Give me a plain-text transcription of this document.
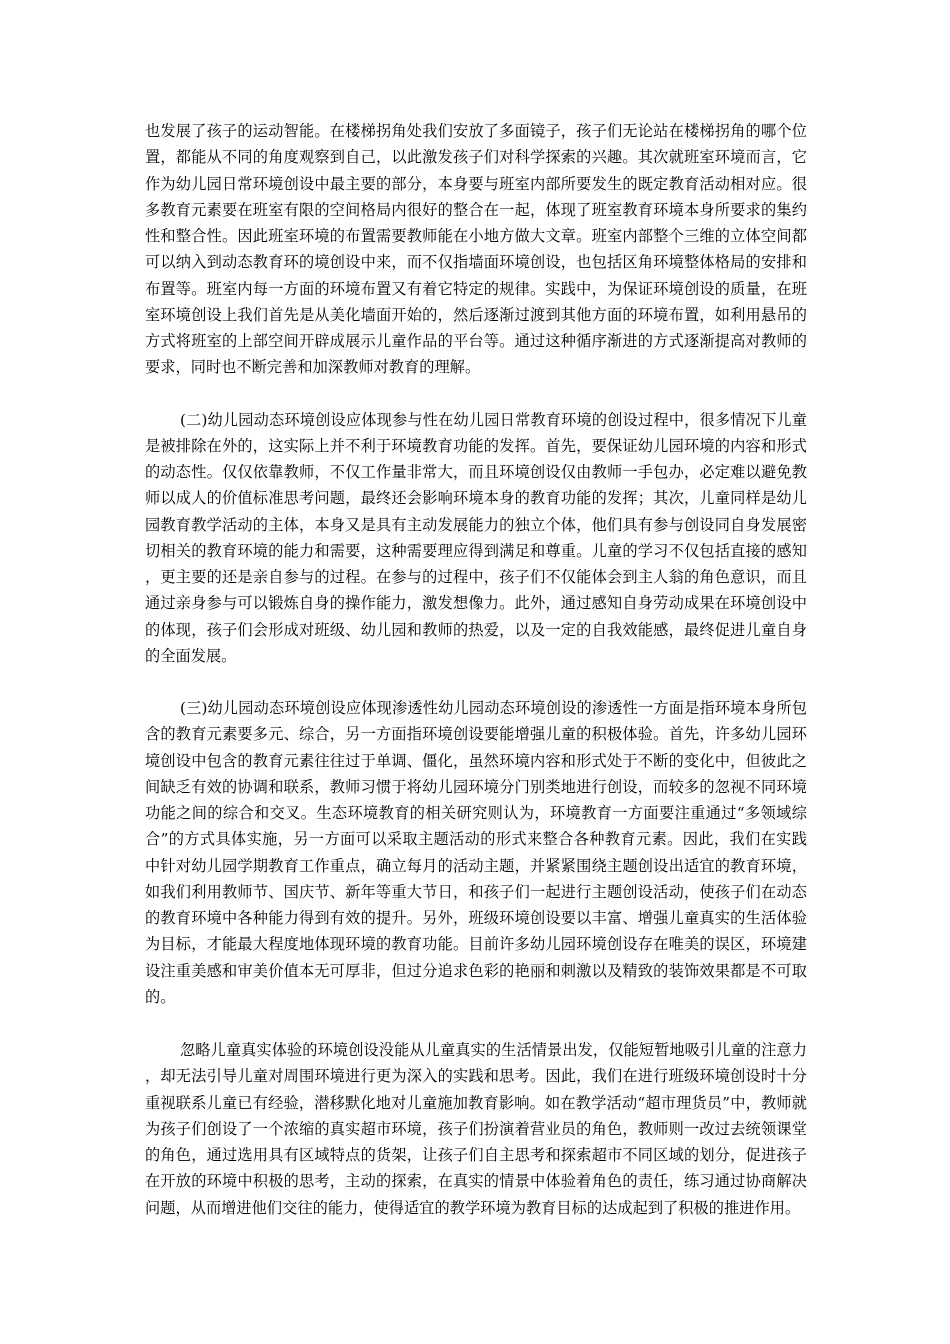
也发展了孩子的运动智能。在楼梯拐角处我们安放了多面镜子，孩子们无论站在楼梯拐角的哪个位置，都能从不同的角度观察到自己，以此激发孩子们对科学探索的兴趣。其次就班室环境而言，它作为幼儿园日常环境创设中最主要的部分，本身要与班室内部所要发生的既定教育活动相对应。很多教育元素要在班室有限的空间格局内很好的整合在一起，体现了班室教育环境本身所要求的集约性和整合性。因此班室环境的布置需要教师能在小地方做大文章。班室内部整个三维的立体空间都可以纳入到动态教育环的境创设中来，而不仅指墙面环境创设，也包括区角环境整体格局的安排和布置等。班室内每一方面的环境布置又有着它特定的规律。实践中，为保证环境创设的质量，在班室环境创设上我们首先是从美化墙面开始的，然后逐渐过渡到其他方面的环境布置，如利用悬吊的方式将班室的上部空间开辟成展示儿童作品的平台等。通过这种循序渐进的方式逐渐提高对教师的要求，同时也不断完善和加深教师对教育的理解。

(二)幼儿园动态环境创设应体现参与性在幼儿园日常教育环境的创设过程中，很多情况下儿童是被排除在外的，这实际上并不利于环境教育功能的发挥。首先，要保证幼儿园环境的内容和形式的动态性。仅仅依靠教师，不仅工作量非常大，而且环境创设仅由教师一手包办，必定难以避免教师以成人的价值标准思考问题，最终还会影响环境本身的教育功能的发挥；其次，儿童同样是幼儿园教育教学活动的主体，本身又是具有主动发展能力的独立个体，他们具有参与创设同自身发展密切相关的教育环境的能力和需要，这种需要理应得到满足和尊重。儿童的学习不仅包括直接的感知，更主要的还是亲自参与的过程。在参与的过程中，孩子们不仅能体会到主人翁的角色意识，而且通过亲身参与可以锻炼自身的操作能力，激发想像力。此外，通过感知自身劳动成果在环境创设中的体现，孩子们会形成对班级、幼儿园和教师的热爱，以及一定的自我效能感，最终促进儿童自身的全面发展。

(三)幼儿园动态环境创设应体现渗透性幼儿园动态环境创设的渗透性一方面是指环境本身所包含的教育元素要多元、综合，另一方面指环境创设要能增强儿童的积极体验。首先，许多幼儿园环境创设中包含的教育元素往往过于单调、僵化，虽然环境内容和形式处于不断的变化中，但彼此之间缺乏有效的协调和联系，教师习惯于将幼儿园环境分门别类地进行创设，而较多的忽视不同环境功能之间的综合和交叉。生态环境教育的相关研究则认为，环境教育一方面要注重通过“多领域综合”的方式具体实施，另一方面可以采取主题活动的形式来整合各种教育元素。因此，我们在实践中针对幼儿园学期教育工作重点，确立每月的活动主题，并紧紧围绕主题创设出适宜的教育环境，如我们利用教师节、国庆节、新年等重大节日，和孩子们一起进行主题创设活动，使孩子们在动态的教育环境中各种能力得到有效的提升。另外，班级环境创设要以丰富、增强儿童真实的生活体验为目标，才能最大程度地体现环境的教育功能。目前许多幼儿园环境创设存在唯美的误区，环境建设注重美感和审美价值本无可厚非，但过分追求色彩的艳丽和刺激以及精致的装饰效果都是不可取的。

忽略儿童真实体验的环境创设没能从儿童真实的生活情景出发，仅能短暂地吸引儿童的注意力，却无法引导儿童对周围环境进行更为深入的实践和思考。因此，我们在进行班级环境创设时十分重视联系儿童已有经验，潜移默化地对儿童施加教育影响。如在教学活动“超市理货员”中，教师就为孩子们创设了一个浓缩的真实超市环境，孩子们扮演着营业员的角色，教师则一改过去统领课堂的角色，通过选用具有区域特点的货架，让孩子们自主思考和探索超市不同区域的划分，促进孩子在开放的环境中积极的思考，主动的探索，在真实的情景中体验着角色的责任，练习通过协商解决问题，从而增进他们交往的能力，使得适宜的教学环境为教育目标的达成起到了积极的推进作用。
